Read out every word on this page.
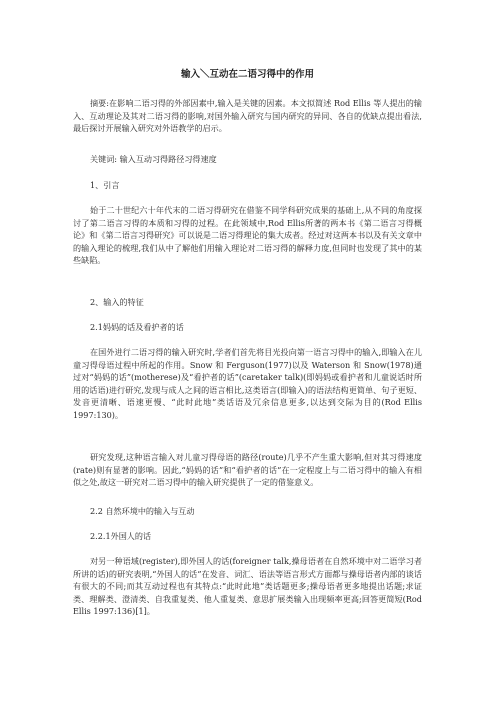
输入＼互动在二语习得中的作用
摘要:在影响二语习得的外部因素中,输入是关键的因素。本文拟简述 Rod Ellis 等人提出的输入、互动理论及其对二语习得的影响,对国外输入研究与国内研究的异同、各自的优缺点提出看法,最后探讨开展输入研究对外语教学的启示。
关键词: 输入互动习得路径习得速度
1、引言
始于二十世纪六十年代末的二语习得研究在借鉴不同学科研究成果的基础上,从不同的角度探讨了第二语言习得的本质和习得的过程。在此领域中,Rod Ellis所著的两本书《第二语言习得概论》和《第二语言习得研究》可以说是二语习得理论的集大成者。经过对这两本书以及有关文章中的输入理论的梳理,我们从中了解他们用输入理论对二语习得的解释力度,但同时也发现了其中的某些缺陷。
2、输入的特征
2.1妈妈的话及看护者的话
在国外进行二语习得的输入研究时,学者们首先将目光投向第一语言习得中的输入,即输入在儿童习得母语过程中所起的作用。Snow 和 Ferguson(1977)以及 Waterson 和 Snow(1978)通过对“妈妈的话”(motherese)及“看护者的话”(caretaker talk)(即妈妈或看护者和儿童说话时所用的话语)进行研究,发现与成人之间的语言相比,这类语言(即输入)的语法结构更简单、句子更短、发音更清晰、语速更慢、“此时此地”类话语及冗余信息更多,以达到交际为目的(Rod Ellis 1997:130)。
研究发现,这种语言输入对儿童习得母语的路径(route)几乎不产生重大影响,但对其习得速度(rate)则有显著的影响。因此,“妈妈的话”和“看护者的话”在一定程度上与二语习得中的输入有相似之处,故这一研究对二语习得中的输入研究提供了一定的借鉴意义。
2.2 自然环境中的输入与互动
2.2.1外国人的话
对另一种语域(register),即外国人的话(foreigner talk,操母语者在自然环境中对二语学习者所讲的话)的研究表明,“外国人的话”在发音、词汇、语法等语言形式方面都与操母语者内部的谈话有很大的不同;而其互动过程也有其特点:“此时此地”类话题更多;操母语者更多地提出话题;求证类、理解类、澄清类、自我重复类、他人重复类、意思扩展类输入出现频率更高;回答更简短(Rod Ellis 1997:136)[1]。
